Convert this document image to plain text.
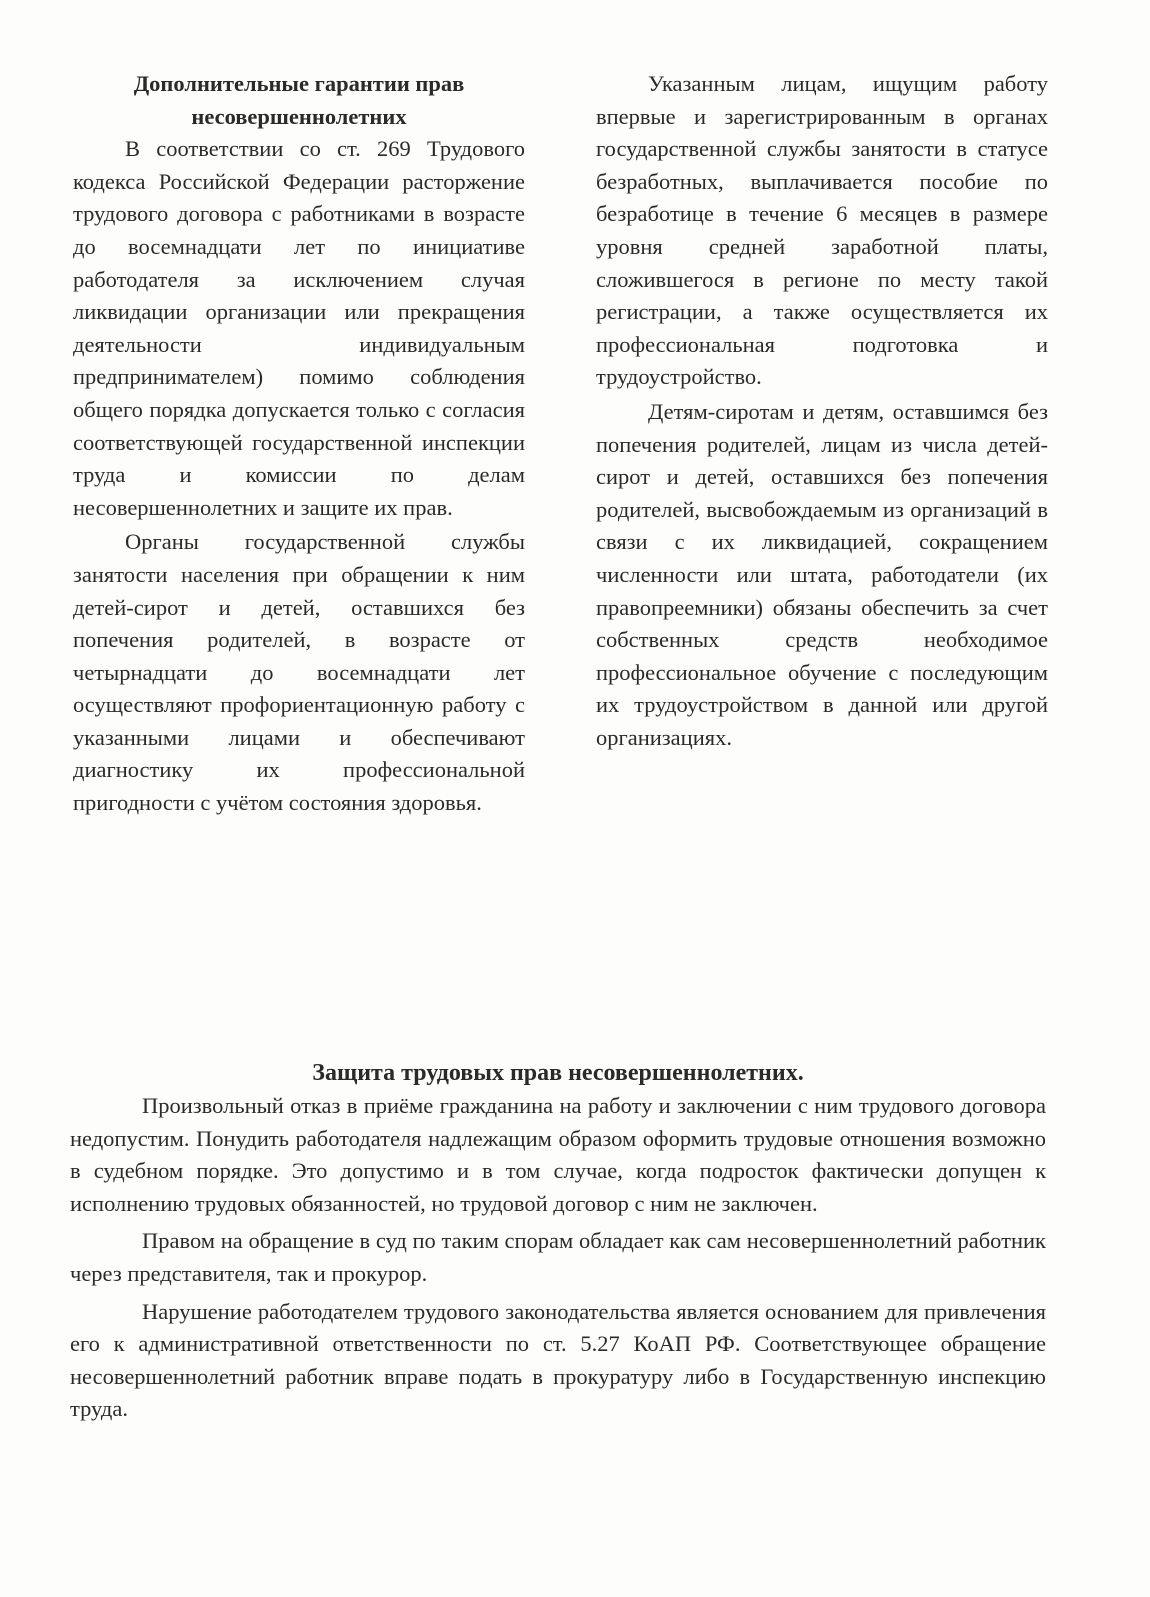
Дополнительные гарантии прав несовершеннолетних

В соответствии со ст. 269 Трудового кодекса Российской Федерации расторжение трудового договора с работниками в возрасте до восемнадцати лет по инициативе работодателя за исключением случая ликвидации организации или прекращения деятельности индивидуальным предпринимателем) помимо соблюдения общего порядка допускается только с согласия соответствующей государственной инспекции труда и комиссии по делам несовершеннолетних и защите их прав.

Органы государственной службы занятости населения при обращении к ним детей-сирот и детей, оставшихся без попечения родителей, в возрасте от четырнадцати до восемнадцати лет осуществляют профориентационную работу с указанными лицами и обеспечивают диагностику их профессиональной пригодности с учётом состояния здоровья.

Указанным лицам, ищущим работу впервые и зарегистрированным в органах государственной службы занятости в статусе безработных, выплачивается пособие по безработице в течение 6 месяцев в размере уровня средней заработной платы, сложившегося в регионе по месту такой регистрации, а также осуществляется их профессиональная подготовка и трудоустройство.

Детям-сиротам и детям, оставшимся без попечения родителей, лицам из числа детей-сирот и детей, оставшихся без попечения родителей, высвобождаемым из организаций в связи с их ликвидацией, сокращением численности или штата, работодатели (их правопреемники) обязаны обеспечить за счет собственных средств необходимое профессиональное обучение с последующим их трудоустройством в данной или другой организациях.

Защита трудовых прав несовершеннолетних.

Произвольный отказ в приёме гражданина на работу и заключении с ним трудового договора недопустим. Понудить работодателя надлежащим образом оформить трудовые отношения возможно в судебном порядке. Это допустимо и в том случае, когда подросток фактически допущен к исполнению трудовых обязанностей, но трудовой договор с ним не заключен.

Правом на обращение в суд по таким спорам обладает как сам несовершеннолетний работник через представителя, так и прокурор.

Нарушение работодателем трудового законодательства является основанием для привлечения его к административной ответственности по ст. 5.27 КоАП РФ. Соответствующее обращение несовершеннолетний работник вправе подать в прокуратуру либо в Государственную инспекцию труда.
